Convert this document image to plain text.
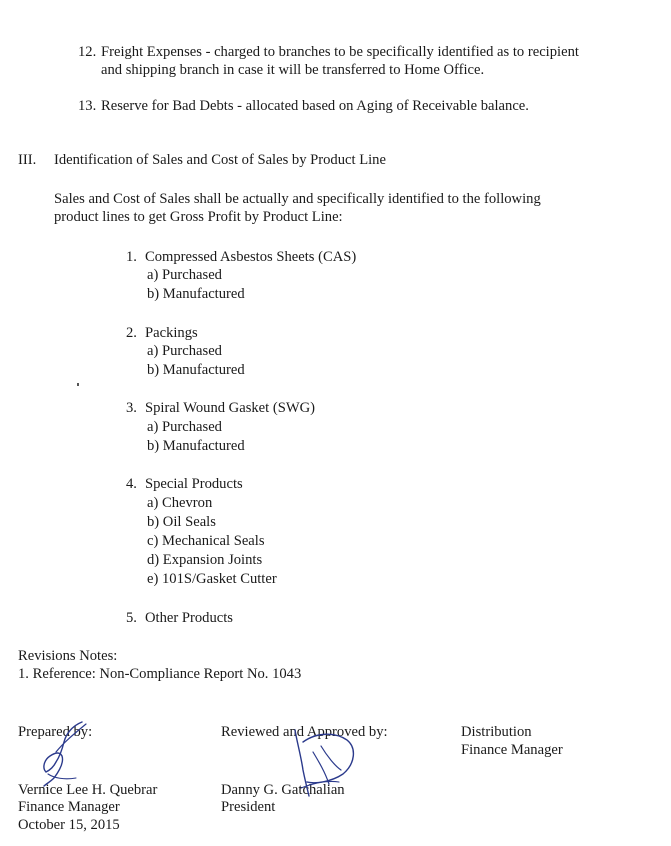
12. Freight Expenses - charged to branches to be specifically identified as to recipient
and shipping branch in case it will be transferred to Home Office.
13. Reserve for Bad Debts - allocated based on Aging of Receivable balance.
III. Identification of Sales and Cost of Sales by Product Line
Sales and Cost of Sales shall be actually and specifically identified to the following
product lines to get Gross Profit by Product Line:
1. Compressed Asbestos Sheets (CAS)
a) Purchased
b) Manufactured
2. Packings
a) Purchased
b) Manufactured
3. Spiral Wound Gasket (SWG)
a) Purchased
b) Manufactured
4. Special Products
a) Chevron
b) Oil Seals
c) Mechanical Seals
d) Expansion Joints
e) 101S/Gasket Cutter
5. Other Products
Revisions Notes:
1. Reference: Non-Compliance Report No. 1043
Prepared by:	Reviewed and Approved by:	Distribution
Finance Manager
Vernice Lee H. Quebrar
Finance Manager
October 15, 2015
Danny G. Gatchalian
President
